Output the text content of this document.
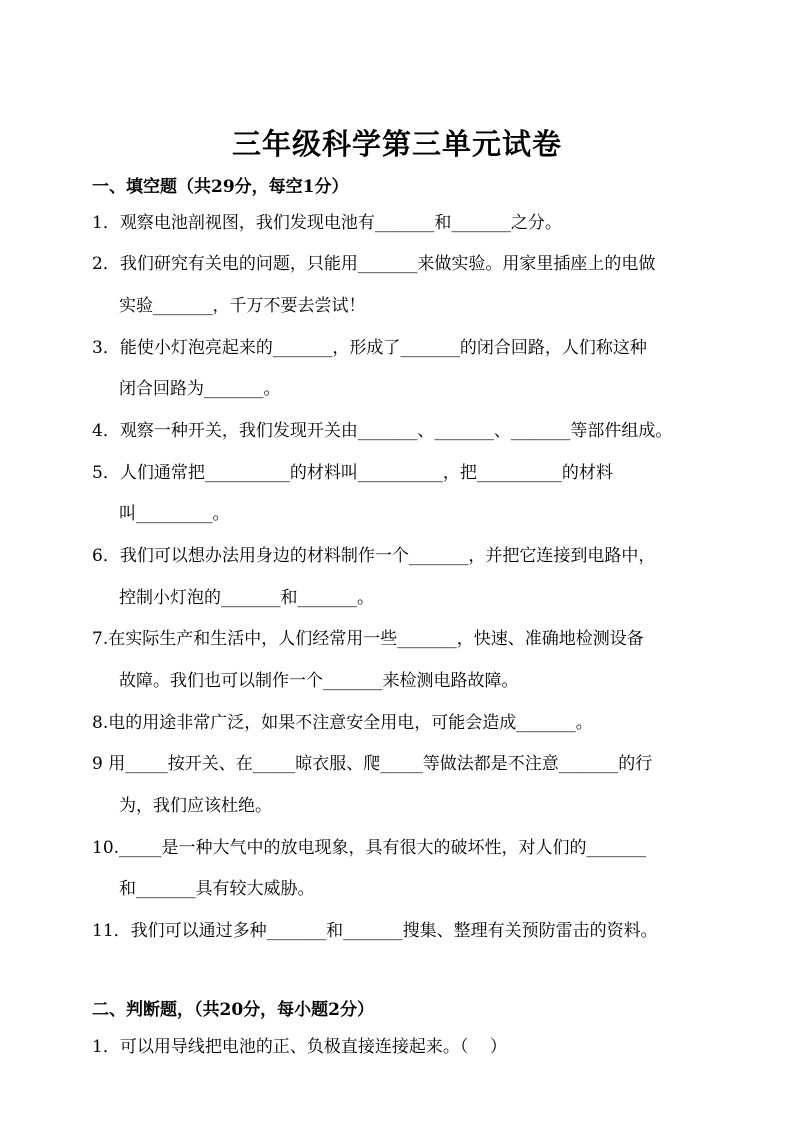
三年级科学第三单元试卷
一、填空题（共29分，每空1分）
1．观察电池剖视图，我们发现电池有_______和_______之分。
2．我们研究有关电的问题，只能用_______来做实验。用家里插座上的电做
实验_______，千万不要去尝试！
3．能使小灯泡亮起来的_______，形成了_______的闭合回路，人们称这种
闭合回路为_______。
4．观察一种开关，我们发现开关由_______、_______、_______等部件组成。
5．人们通常把__________的材料叫__________，把__________的材料
叫_________。
6．我们可以想办法用身边的材料制作一个_______，并把它连接到电路中，
控制小灯泡的_______和_______。
7.在实际生产和生活中，人们经常用一些_______，快速、准确地检测设备
故障。我们也可以制作一个_______来检测电路故障。
8.电的用途非常广泛，如果不注意安全用电，可能会造成_______。
9 用_____按开关、在_____晾衣服、爬_____等做法都是不注意_______的行
为，我们应该杜绝。
10._____是一种大气中的放电现象，具有很大的破坏性，对人们的_______
和_______具有较大威胁。
11．我们可以通过多种_______和_______搜集、整理有关预防雷击的资料。
二、判断题，（共20分，每小题2分）
1．可以用导线把电池的正、负极直接连接起来。（    ）
